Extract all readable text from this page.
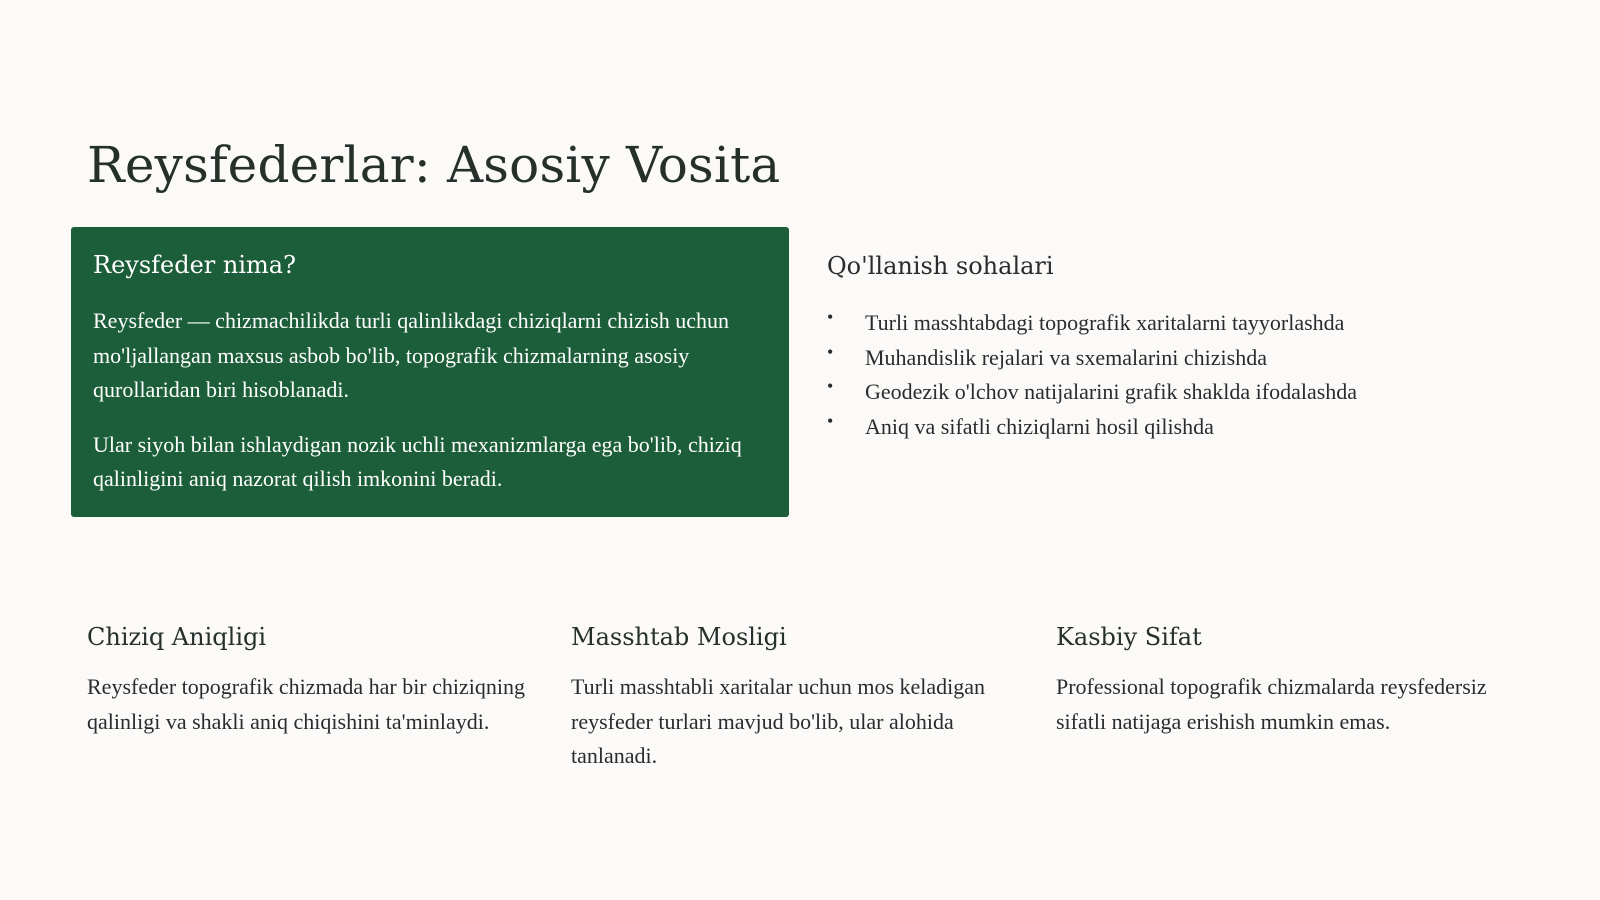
Reysfederlar: Asosiy Vosita
Reysfeder nima?

Reysfeder — chizmachilikda turli qalinlikdagi chiziqlarni chizish uchun mo'ljallangan maxsus asbob bo'lib, topografik chizmalarning asosiy qurollaridan biri hisoblanadi.

Ular siyoh bilan ishlaydigan nozik uchli mexanizmlarga ega bo'lib, chiziq qalinligini aniq nazorat qilish imkonini beradi.

Qo'llanish sohalari
• Turli masshtabdagi topografik xaritalarni tayyorlashda
• Muhandislik rejalari va sxemalarini chizishda
• Geodezik o'lchov natijalarini grafik shaklda ifodalashda
• Aniq va sifatli chiziqlarni hosil qilishda
Chiziq Aniqligi

Reysfeder topografik chizmada har bir chiziqning qalinligi va shakli aniq chiqishini ta'minlaydi.

Masshtab Mosligi

Turli masshtabli xaritalar uchun mos keladigan reysfeder turlari mavjud bo'lib, ular alohida tanlanadi.

Kasbiy Sifat

Professional topografik chizmalarda reysfedersiz sifatli natijaga erishish mumkin emas.
